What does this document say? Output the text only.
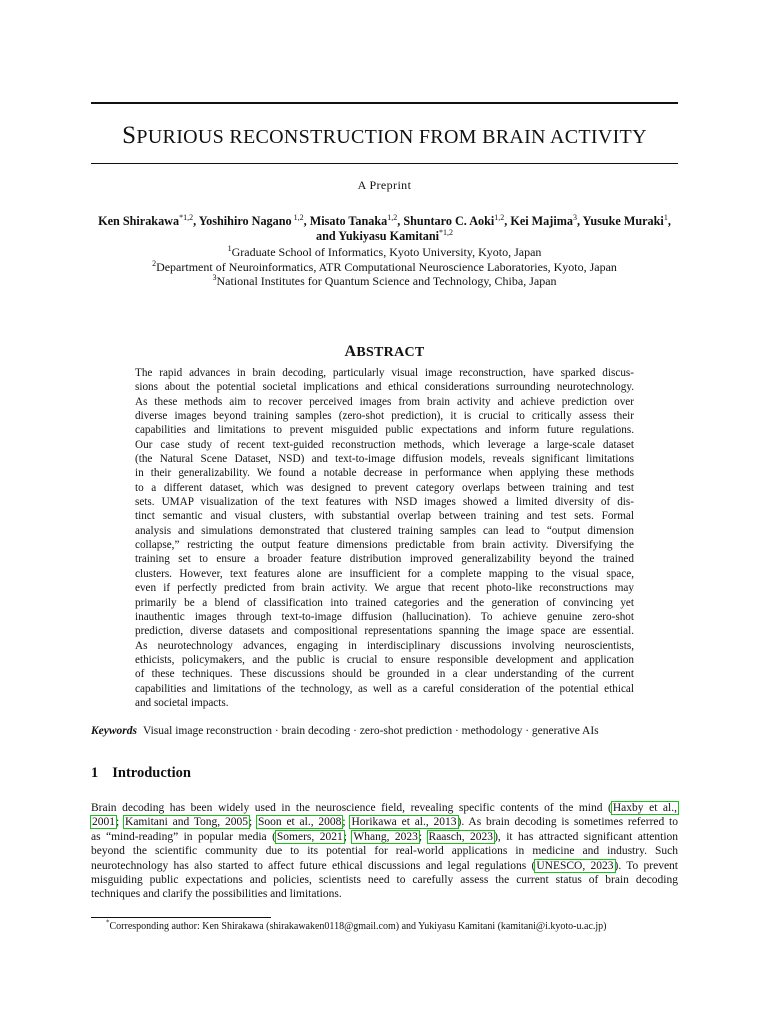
SPURIOUS RECONSTRUCTION FROM BRAIN ACTIVITY
A Preprint
Ken Shirakawa$^{*1,2}$, Yoshihiro Nagano $^{1,2}$, Misato Tanaka$^{1,2}$, Shuntaro C. Aoki$^{1,2}$, Kei Majima$^3$, Yusuke Muraki$^1$,
and Yukiyasu Kamitani$^{*1,2}$
$^1$Graduate School of Informatics, Kyoto University, Kyoto, Japan
$^2$Department of Neuroinformatics, ATR Computational Neuroscience Laboratories, Kyoto, Japan
$^3$National Institutes for Quantum Science and Technology, Chiba, Japan
ABSTRACT
The rapid advances in brain decoding, particularly visual image reconstruction, have sparked discus-
sions about the potential societal implications and ethical considerations surrounding neurotechnology.
As these methods aim to recover perceived images from brain activity and achieve prediction over
diverse images beyond training samples (zero-shot prediction), it is crucial to critically assess their
capabilities and limitations to prevent misguided public expectations and inform future regulations.
Our case study of recent text-guided reconstruction methods, which leverage a large-scale dataset
(the Natural Scene Dataset, NSD) and text-to-image diffusion models, reveals significant limitations
in their generalizability. We found a notable decrease in performance when applying these methods
to a different dataset, which was designed to prevent category overlaps between training and test
sets. UMAP visualization of the text features with NSD images showed a limited diversity of dis-
tinct semantic and visual clusters, with substantial overlap between training and test sets. Formal
analysis and simulations demonstrated that clustered training samples can lead to “output dimension
collapse,” restricting the output feature dimensions predictable from brain activity. Diversifying the
training set to ensure a broader feature distribution improved generalizability beyond the trained
clusters. However, text features alone are insufficient for a complete mapping to the visual space,
even if perfectly predicted from brain activity. We argue that recent photo-like reconstructions may
primarily be a blend of classification into trained categories and the generation of convincing yet
inauthentic images through text-to-image diffusion (hallucination). To achieve genuine zero-shot
prediction, diverse datasets and compositional representations spanning the image space are essential.
As neurotechnology advances, engaging in interdisciplinary discussions involving neuroscientists,
ethicists, policymakers, and the public is crucial to ensure responsible development and application
of these techniques. These discussions should be grounded in a clear understanding of the current
capabilities and limitations of the technology, as well as a careful consideration of the potential ethical
and societal impacts.
Keywords Visual image reconstruction · brain decoding · zero-shot prediction · methodology · generative AIs
1 Introduction
Brain decoding has been widely used in the neuroscience field, revealing specific contents of the mind (Haxby et al.,
2001; Kamitani and Tong, 2005; Soon et al., 2008; Horikawa et al., 2013). As brain decoding is sometimes referred to
as “mind-reading” in popular media (Somers, 2021; Whang, 2023; Raasch, 2023), it has attracted significant attention
beyond the scientific community due to its potential for real-world applications in medicine and industry. Such
neurotechnology has also started to affect future ethical discussions and legal regulations (UNESCO, 2023). To prevent
misguiding public expectations and policies, scientists need to carefully assess the current status of brain decoding
techniques and clarify the possibilities and limitations.
*Corresponding author: Ken Shirakawa (shirakawaken0118@gmail.com) and Yukiyasu Kamitani (kamitani@i.kyoto-u.ac.jp)
